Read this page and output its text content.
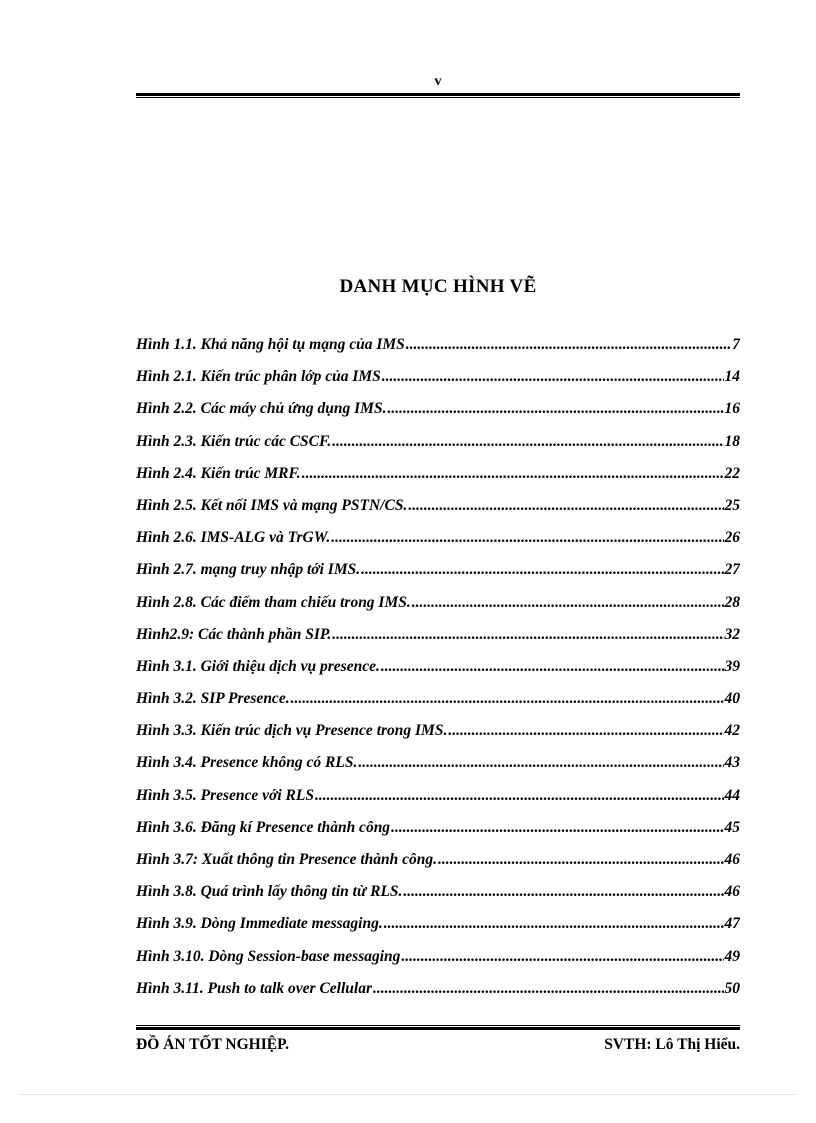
v
DANH MỤC HÌNH VẼ
Hình 1.1. Khả năng hội tụ mạng của IMS .....	7
Hình 2.1. Kiến trúc phân lớp của IMS .....	14
Hình 2.2. Các máy chủ ứng dụng IMS. .....	16
Hình 2.3. Kiến trúc các CSCF. .....	18
Hình 2.4. Kiến trúc MRF. .....	22
Hình 2.5. Kết nối IMS và mạng PSTN/CS. .....	25
Hình 2.6. IMS-ALG và TrGW. .....	26
Hình 2.7. mạng truy nhập tới IMS. .....	27
Hình 2.8. Các điểm tham chiếu trong IMS. .....	28
Hình2.9: Các thành phần SIP. .....	32
Hình 3.1. Giới thiệu dịch vụ presence. .....	39
Hình 3.2. SIP Presence. .....	40
Hình 3.3. Kiến trúc dịch vụ Presence trong IMS. .....	42
Hình 3.4. Presence không có RLS. .....	43
Hình 3.5. Presence với RLS .....	44
Hình 3.6. Đăng kí Presence thành công .....	45
Hình 3.7: Xuất thông tin Presence thành công. .....	46
Hình 3.8. Quá trình lấy thông tin từ RLS. .....	46
Hình 3.9. Dòng Immediate messaging. .....	47
Hình 3.10. Dòng Session-base messaging .....	49
Hình 3.11. Push to talk over Cellular .....	50
ĐỒ ÁN TỐT NGHIỆP.	SVTH: Lô Thị Hiểu.
